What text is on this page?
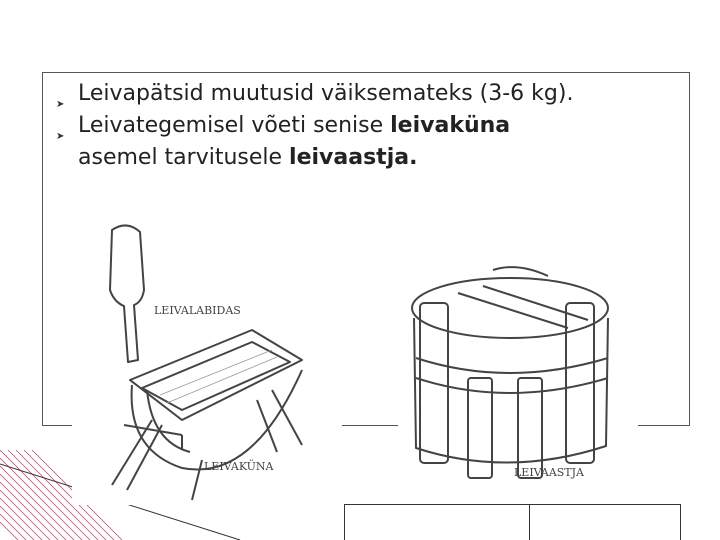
➤ Leivapätsid muutusid väiksemateks (3-6 kg).
➤ Leivategemisel võeti senise leivaküna
asemel tarvitusele leivaastja.
LEIVALABIDAS
LEIVAKÜNA	LEIVAASTJA
